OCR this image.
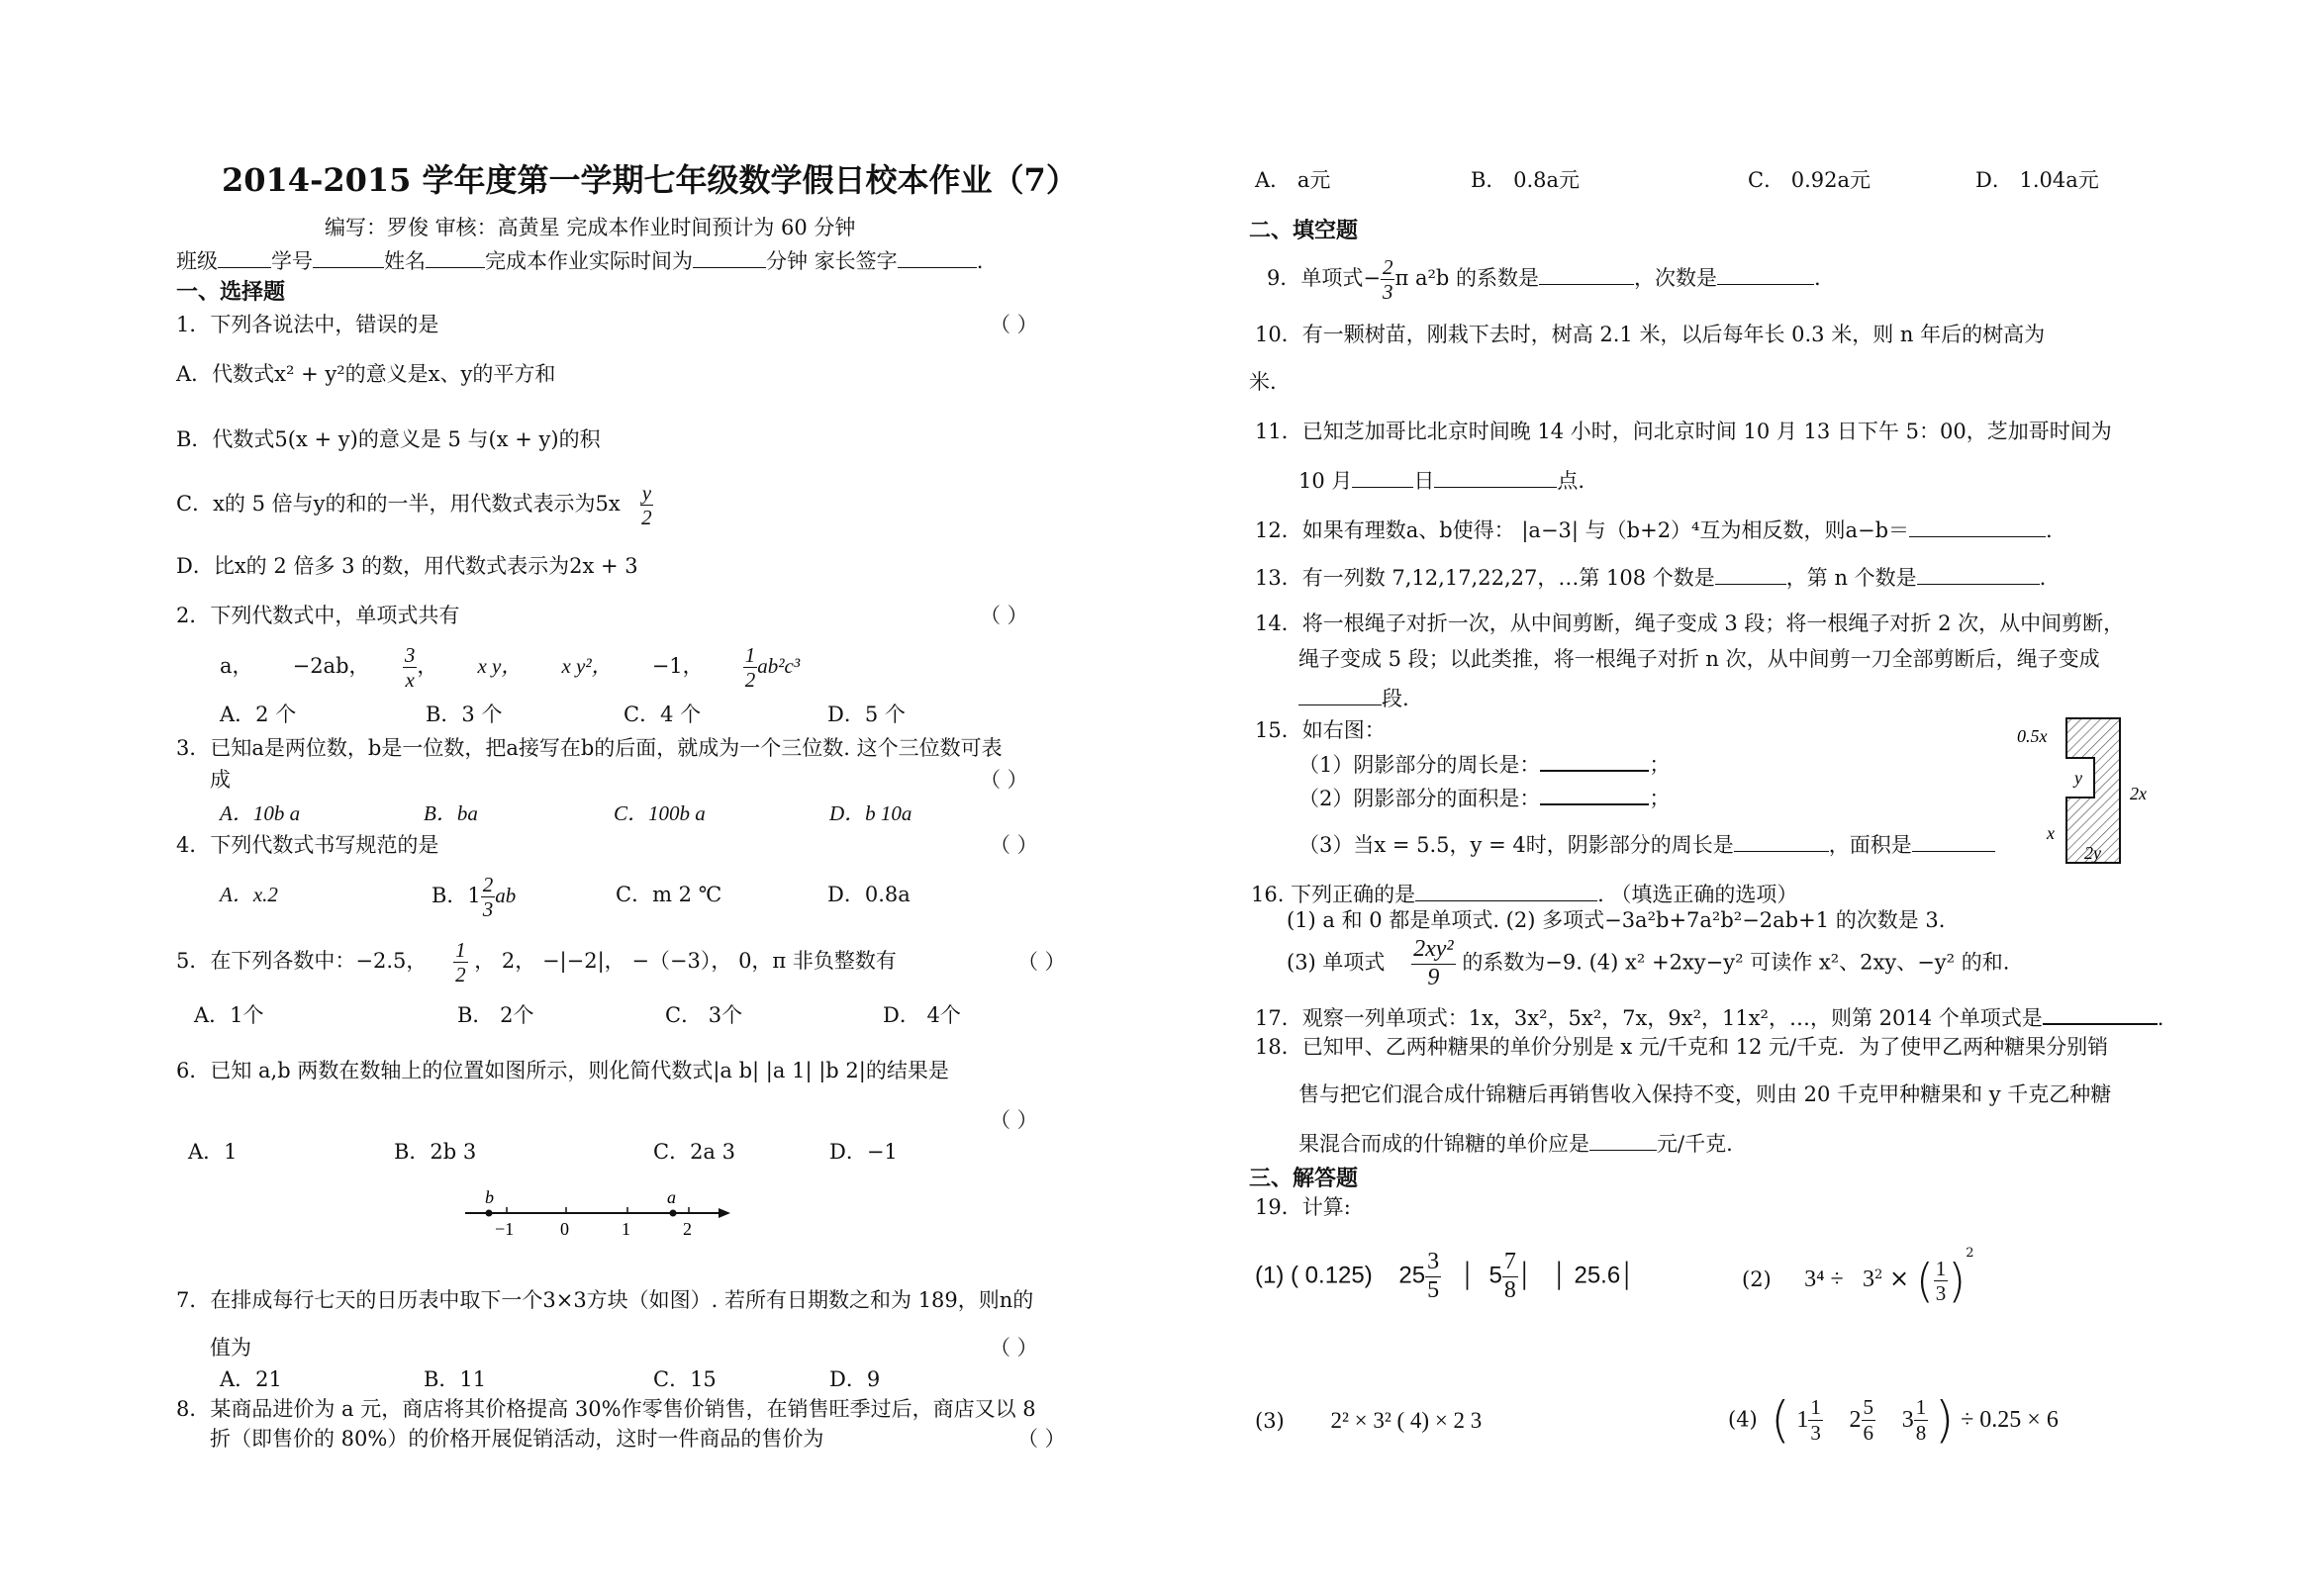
2014-2015 学年度第一学期七年级数学假日校本作业（7）
编写：罗俊 审核：高黄星 完成本作业时间预计为 60 分钟
班级	学号	姓名	完成本作业实际时间为	分钟 家长签字	.
一、选择题
1．下列各说法中，错误的是	（ ）
A．代数式x² + y²的意义是x、y的平方和
B．代数式5(x + y)的意义是 5 与(x + y)的积
C．x的 5 倍与y的和的一半，用代数式表示为$5x \frac{y}{2}$
D．比x的 2 倍多 3 的数，用代数式表示为2x + 3
2．下列代数式中，单项式共有	（ ）
a， −2ab， $\frac{3}{x}$ ，      x y， x y²， −1， $\frac{1}{2} ab^2c^3$
A．2 个	B．3 个	C．4 个	D．5 个
3．已知a是两位数，b是一位数，把a接写在b的后面，就成为一个三位数. 这个三位数可表
成	（ ）
A．10b a	B．ba	C．100b a	D．b 10a
4．下列代数式书写规范的是	（ ）
A．x.2	B．$1 \frac{2}{3}$ ab	C．m 2 ℃	D．0.8a
5．在下列各数中：−2.5， $\frac{1}{2}$ ， 2， −|−2|， −（−3）， 0，π 非负整数有	（ ）
A．1个	B． 2个	C． 3个	D． 4个
6．已知 a,b 两数在数轴上的位置如图所示，则化简代数式|a b| |a 1| |b 2|的结果是
（ ）
A．1	B．2b 3	C．2a 3	D．−1
b	a
−1	0	1	2
7．在排成每行七天的日历表中取下一个3×3方块（如图）. 若所有日期数之和为 189，则n的
值为	（ ）
A．21	B．11	C．15	D．9
8．某商品进价为 a 元，商店将其价格提高 30%作零售价销售，在销售旺季过后，商店又以 8
折（即售价的 80%）的价格开展促销活动，这时一件商品的售价为	（ ）
A． a元	B． 0.8a元	C． 0.92a元	D． 1.04a元
二、填空题
9．单项式− $\frac{2}{3}$ π a²b 的系数是	，次数是	.
10．有一颗树苗，刚栽下去时，树高 2.1 米，以后每年长 0.3 米，则 n 年后的树高为
米.
11．已知芝加哥比北京时间晚 14 小时，问北京时间 10 月 13 日下午 5：00，芝加哥时间为
10 月	日	点.
12．如果有理数a、b使得： |a−3| 与（b+2）⁴互为相反数，则a−b＝	.
13．有一列数 7,12,17,22,27，…第 108 个数是	，第 n 个数是	.
14．将一根绳子对折一次，从中间剪断，绳子变成 3 段；将一根绳子对折 2 次，从中间剪断，
绳子变成 5 段；以此类推，将一根绳子对折 n 次，从中间剪一刀全部剪断后，绳子变成
段.
15．如右图：
（1）阴影部分的周长是：	；
（2）阴影部分的面积是：	；
（3）当x = 5.5，y = 4时，阴影部分的周长是	，面积是
0.5x
y
2x
x
2y
16. 下列正确的是	. （填选正确的选项）
(1) a 和 0 都是单项式. (2) 多项式−3a²b+7a²b²−2ab+1 的次数是 3.
(3) 单项式 $\frac{\text{2xy²}}{9}$ 的系数为−9. (4) x² +2xy−y² 可读作 x²、2xy、−y² 的和.
17．观察一列单项式：1x，3x²，5x²，7x，9x²，11x²，…，则第 2014 个单项式是	.
18．已知甲、乙两种糖果的单价分别是 x 元/千克和 12 元/千克．为了使甲乙两种糖果分别销
售与把它们混合成什锦糖后再销售收入保持不变，则由 20 千克甲种糖果和 y 千克乙种糖
果混合而成的什锦糖的单价应是	元/千克.
三、解答题
19．计算:
(1) ( 0.125) $25 \frac{3}{5}$ │  $5 \frac{7}{8}$ │   │ 25.6│	(2) $3^4 \div 3^2$ × ( $\frac{1}{3} )^2$
(3) 2² × 3² ( 4) × 2 3	(4) ( $1 \frac{1}{3} 2 \frac{5}{6} 3 \frac{1}{8}$ ) ÷ 0.25 × 6
